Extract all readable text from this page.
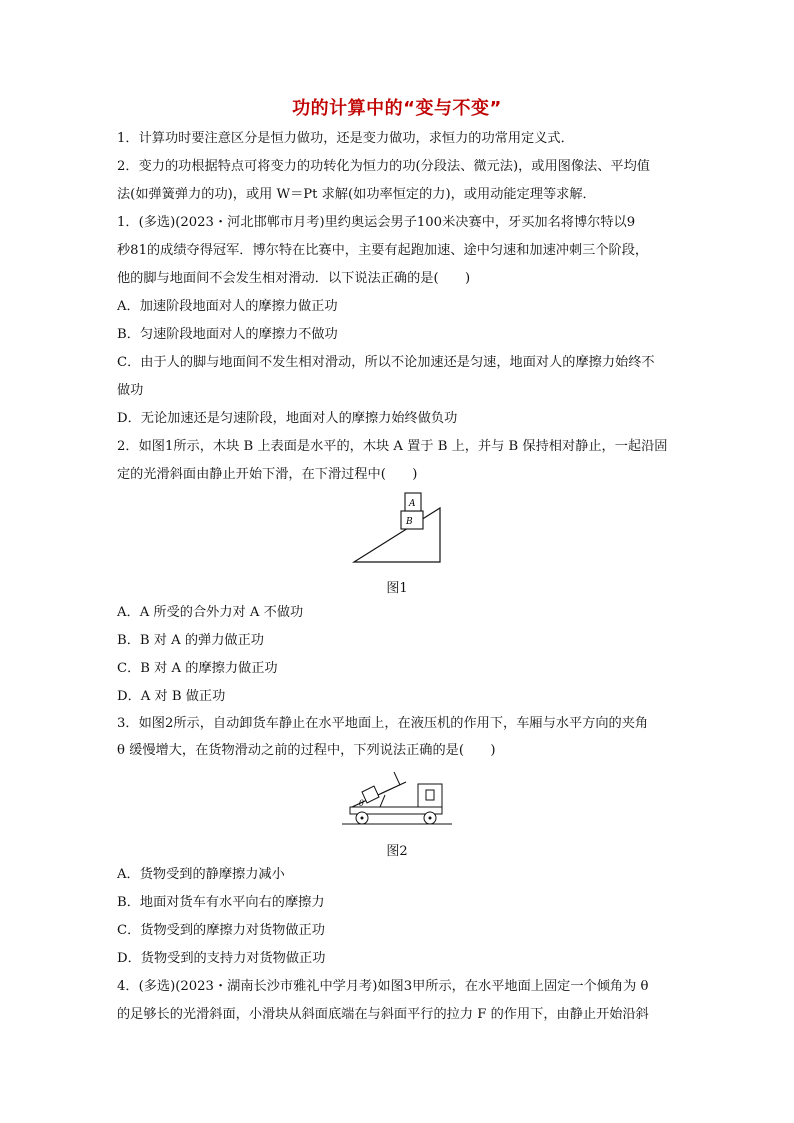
功的计算中的“变与不变”
1．计算功时要注意区分是恒力做功，还是变力做功，求恒力的功常用定义式．
2．变力的功根据特点可将变力的功转化为恒力的功(分段法、微元法)，或用图像法、平均值
法(如弹簧弹力的功)，或用 W＝Pt 求解(如功率恒定的力)，或用动能定理等求解．
1．(多选)(2023・河北邯郸市月考)里约奥运会男子100米决赛中，牙买加名将博尔特以9
秒81的成绩夺得冠军．博尔特在比赛中，主要有起跑加速、途中匀速和加速冲刺三个阶段，
他的脚与地面间不会发生相对滑动．以下说法正确的是(　　)
A．加速阶段地面对人的摩擦力做正功
B．匀速阶段地面对人的摩擦力不做功
C．由于人的脚与地面间不发生相对滑动，所以不论加速还是匀速，地面对人的摩擦力始终不
做功
D．无论加速还是匀速阶段，地面对人的摩擦力始终做负功
2．如图1所示，木块 B 上表面是水平的，木块 A 置于 B 上，并与 B 保持相对静止，一起沿固
定的光滑斜面由静止开始下滑，在下滑过程中(　　)
A
B
图1
A．A 所受的合外力对 A 不做功
B．B 对 A 的弹力做正功
C．B 对 A 的摩擦力做正功
D．A 对 B 做正功
3．如图2所示，自动卸货车静止在水平地面上，在液压机的作用下，车厢与水平方向的夹角
θ 缓慢增大，在货物滑动之前的过程中，下列说法正确的是(　　)
θ
图2
A．货物受到的静摩擦力减小
B．地面对货车有水平向右的摩擦力
C．货物受到的摩擦力对货物做正功
D．货物受到的支持力对货物做正功
4．(多选)(2023・湖南长沙市雅礼中学月考)如图3甲所示，在水平地面上固定一个倾角为 θ
的足够长的光滑斜面，小滑块从斜面底端在与斜面平行的拉力 F 的作用下，由静止开始沿斜
